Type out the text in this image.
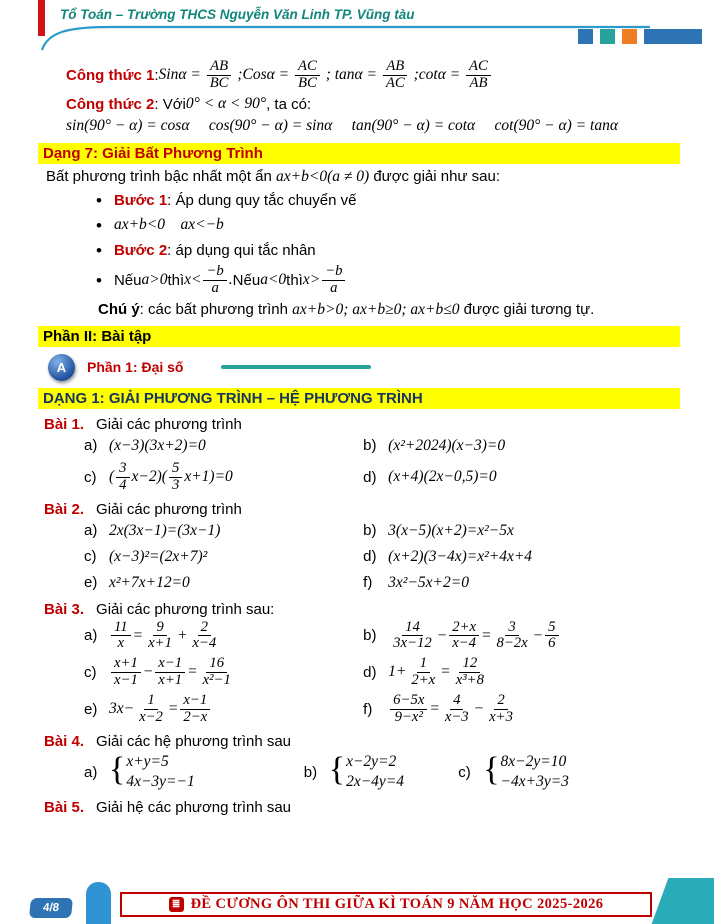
Tổ Toán – Trường THCS Nguyễn Văn Linh TP. Vũng tàu
Công thức 1 : $Sin\alpha = \frac{AB}{BC}$ ;Cosα = $\frac{AC}{BC}$ ; $\tan\alpha = \frac{AB}{AC}$ ;cotα = $\frac{AC}{AB}$
Công thức 2 : Với 0° < α < 90° , ta có:
sin(90° − α) = cosα     cos(90° − α) = sinα     tan(90° − α) = cotα     cot(90° − α) = tanα
Dạng 7: Giải Bất Phương Trình
Bất phương trình bậc nhất một ẩn ax+b<0(a ≠ 0) được giải như sau:
• Bước 1 : Áp dung quy tắc chuyển vế
• ax+b<0    ax<−b
• Bước 2 : áp dụng qui tắc nhân
• Nếu a>0 thì $x< \frac{-b}{a}$ . Nếu a<0 thì $x> \frac{-b}{a}$
Chú ý: các bất phương trình ax+b>0; ax+b≥0; ax+b≤0 được giải tương tự.
Phần II: Bài tập
A	Phần 1: Đại số
DẠNG 1: GIẢI PHƯƠNG TRÌNH – HỆ PHƯƠNG TRÌNH
Bài 1. Giải các phương trình
a) (x−3)(3x+2)=0	b) (x²+2024)(x−3)=0
c) ( $\frac{3}{4} x-2)( \frac{5}{3} x+1)=0$	d) (x+4)(2x−0,5)=0
Bài 2. Giải các phương trình
a) 2x(3x−1)=(3x−1)	b) 3(x−5)(x+2)=x²−5x
c) (x−3)²=(2x+7)²	d) (x+2)(3−4x)=x²+4x+4
e) x²+7x+12=0	f)	3x²−5x+2=0
Bài 3. Giải các phương trình sau:
$a) \frac{11}{x} = \frac{9}{x+1} + \frac{2}{x-4}$	$b) \frac{14}{3x-12} - \frac{2+x}{x-4} = \frac{3}{8-2x} - \frac{5}{6}$
$c) \frac{x+1}{x-1} - \frac{x-1}{x+1} = \frac{16}{\text{x²−1}}$	d) $1+ \frac{1}{2+x} = \frac{12}{\text{x³+8}}$
e) $3x- \frac{1}{x-2} = \frac{x-1}{2-x}$	f)	$\frac{6-5x}{\text{9−x²}} = \frac{4}{x-3} - \frac{2}{x+3}$
Bài 4. Giải các hệ phương trình sau
a) { x+y=5
4x−3y=−1
b) { x−2y=2
2x−4y=4
c) { 8x−2y=10
−4x+3y=3
Bài 5. Giải hệ các phương trình sau
4/8	≣ ĐỀ CƯƠNG ÔN THI GIỮA KÌ TOÁN 9 NĂM HỌC 2025-2026
